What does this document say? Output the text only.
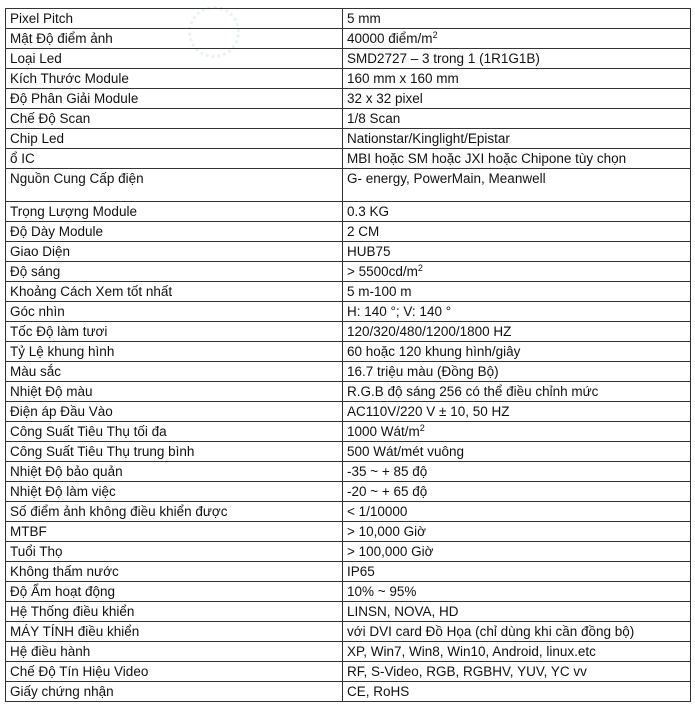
Pixel Pitch	5 mm
Mật Độ điểm ảnh	40000 điểm/$m^2$
Loại Led	SMD2727 – 3 trong 1 (1R1G1B)
Kích Thước Module	160 mm x 160 mm
Độ Phân Giải Module	32 x 32 pixel
Chế Độ Scan	1/8 Scan
Chip Led	Nationstar/Kinglight/Epistar
ổ IC	MBI hoặc SM hoặc JXI hoặc Chipone tùy chọn
Nguồn Cung Cấp điện	G- energy, PowerMain, Meanwell
Trọng Lượng Module	0.3 KG
Độ Dày Module	2 CM
Giao Diện	HUB75
Độ sáng	> $5500cd/m^2$
Khoảng Cách Xem tốt nhất	5 m-100 m
Góc nhìn	H: 140 °; V: 140 °
Tốc Độ làm tươi	120/320/480/1200/1800 HZ
Tỷ Lệ khung hình	60 hoặc 120 khung hình/giây
Màu sắc	16.7 triệu màu (Đồng Bộ)
Nhiệt Độ màu	R.G.B độ sáng 256 có thể điều chỉnh mức
Điện áp Đầu Vào	AC110V/220 V ± 10, 50 HZ
Công Suất Tiêu Thụ tối đa	1000 Wát/$m^2$
Công Suất Tiêu Thụ trung bình	500 Wát/mét vuông
Nhiệt Độ bảo quản	-35 ~ + 85 độ
Nhiệt Độ làm việc	-20 ~ + 65 độ
Số điểm ảnh không điều khiển được	< 1/10000
MTBF	> 10,000 Giờ
Tuổi Thọ	> 100,000 Giờ
Không thấm nước	IP65
Độ Ẩm hoạt động	10% ~ 95%
Hệ Thống điều khiển	LINSN, NOVA, HD
MÁY TÍNH điều khiển	với DVI card Đồ Họa (chỉ dùng khi cần đồng bộ)
Hệ điều hành	XP, Win7, Win8, Win10, Android, linux.etc
Chế Độ Tín Hiệu Video	RF, S-Video, RGB, RGBHV, YUV, YC vv
Giấy chứng nhận	CE, RoHS
